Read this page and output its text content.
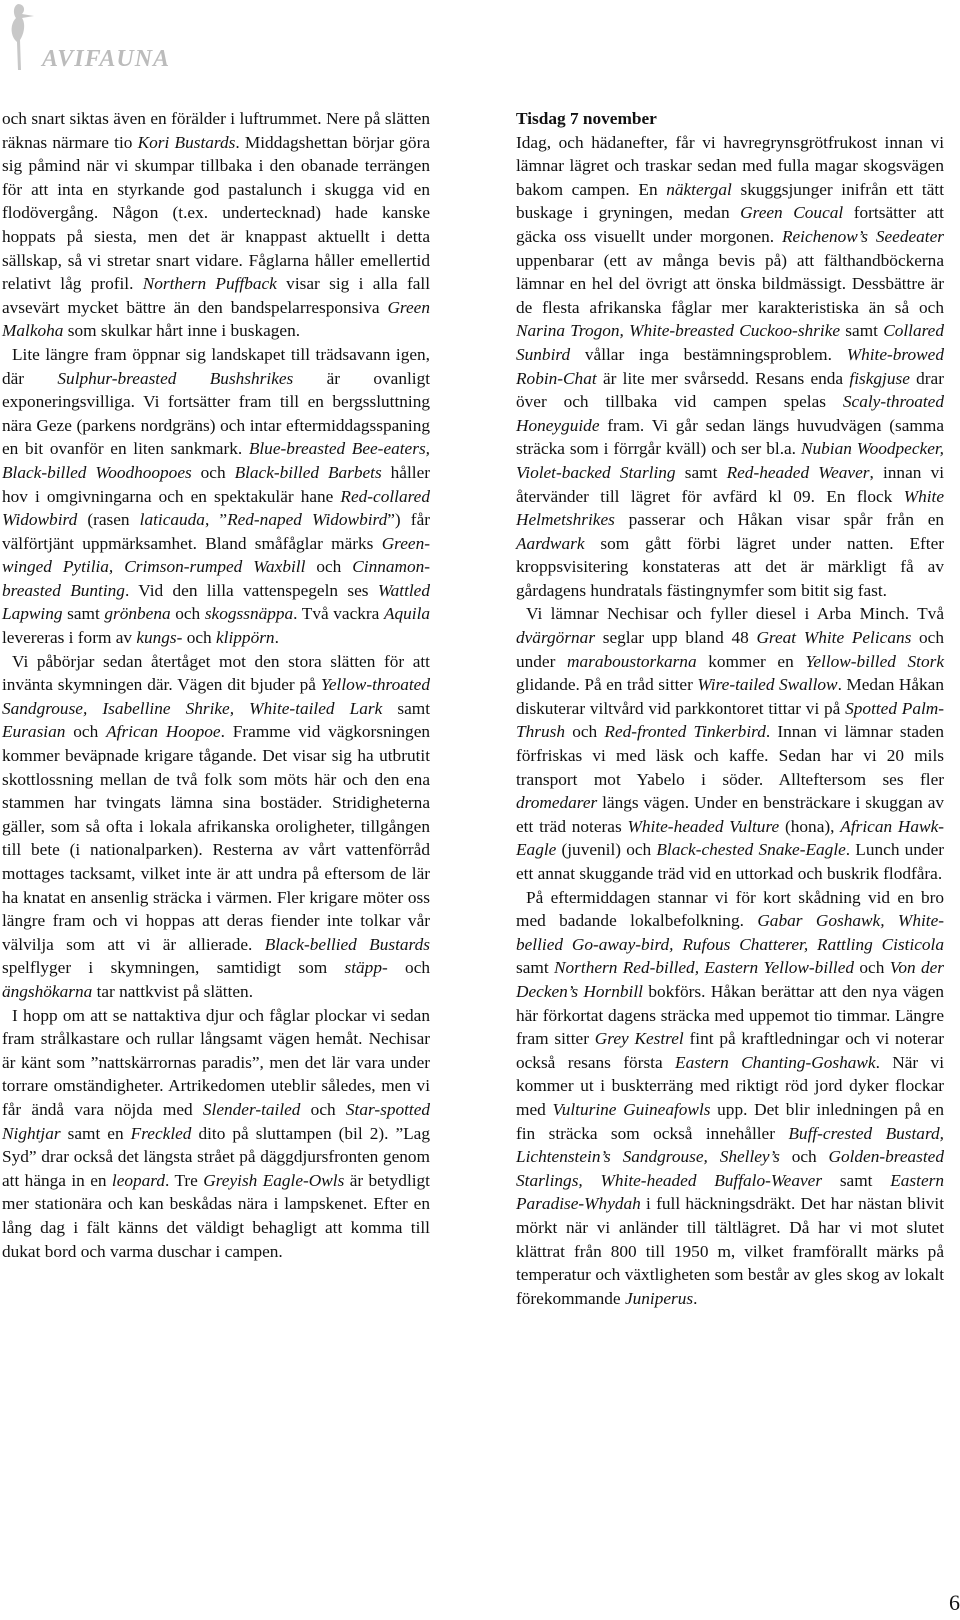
AVIFAUNA

och snart siktas även en förälder i luftrummet. Nere på slätten räknas närmare tio Kori Bustards. Middagshettan börjar göra sig påmind när vi skumpar tillbaka i den obanade terrängen för att inta en styrkande god pastalunch i skugga vid en flodövergång. Någon (t.ex. undertecknad) hade kanske hoppats på siesta, men det är knappast aktuellt i detta sällskap, så vi stretar snart vidare. Fåglarna håller emellertid relativt låg profil. Northern Puffback visar sig i alla fall avsevärt mycket bättre än den bandspelarresponsiva Green Malkoha som skulkar hårt inne i buskagen.

Lite längre fram öppnar sig landskapet till trädsavann igen, där Sulphur-breasted Bushshrikes är ovanligt exponeringsvilliga. Vi fortsätter fram till en bergssluttning nära Geze (parkens nordgräns) och intar eftermiddagsspaning en bit ovanför en liten sankmark. Blue-breasted Bee-eaters, Black-billed Woodhoopoes och Black-billed Barbets håller hov i omgivningarna och en spektakulär hane Red-collared Widowbird (rasen laticauda, ”Red-naped Widowbird”) får välförtjänt uppmärksamhet. Bland småfåglar märks Green-winged Pytilia, Crimson-rumped Waxbill och Cinnamon-breasted Bunting. Vid den lilla vattenspegeln ses Wattled Lapwing samt grönbena och skogssnäppa. Två vackra Aquila levereras i form av kungs- och klippörn.

Vi påbörjar sedan återtåget mot den stora slätten för att invänta skymningen där. Vägen dit bjuder på Yellow-throated Sandgrouse, Isabelline Shrike, White-tailed Lark samt Eurasian och African Hoopoe. Framme vid vägkorsningen kommer beväpnade krigare tågande. Det visar sig ha utbrutit skottlossning mellan de två folk som möts här och den ena stammen har tvingats lämna sina bostäder. Stridigheterna gäller, som så ofta i lokala afrikanska oroligheter, tillgången till bete (i nationalparken). Resterna av vårt vattenförråd mottages tacksamt, vilket inte är att undra på eftersom de lär ha knatat en ansenlig sträcka i värmen. Fler krigare möter oss längre fram och vi hoppas att deras fiender inte tolkar vår välvilja som att vi är allierade. Black-bellied Bustards spelflyger i skymningen, samtidigt som stäpp- och ängshökarna tar nattkvist på slätten.

I hopp om att se nattaktiva djur och fåglar plockar vi sedan fram strålkastare och rullar långsamt vägen hemåt. Nechisar är känt som ”nattskärrornas paradis”, men det lär vara under torrare omständigheter. Artrikedomen uteblir således, men vi får ändå vara nöjda med Slender-tailed och Star-spotted Nightjar samt en Freckled dito på sluttampen (bil 2). ”Lag Syd” drar också det längsta strået på däggdjursfronten genom att hänga in en leopard. Tre Greyish Eagle-Owls är betydligt mer stationära och kan beskådas nära i lampskenet. Efter en lång dag i fält känns det väldigt behagligt att komma till dukat bord och varma duschar i campen.

Tisdag 7 november

Idag, och hädanefter, får vi havregrynsgrötfrukost innan vi lämnar lägret och traskar sedan med fulla magar skogsvägen bakom campen. En näktergal skuggsjunger inifrån ett tätt buskage i gryningen, medan Green Coucal fortsätter att gäcka oss visuellt under morgonen. Reichenow’s Seedeater uppenbarar (ett av många bevis på) att fälthandböckerna lämnar en hel del övrigt att önska bildmässigt. Dessbättre är de flesta afrikanska fåglar mer karakteristiska än så och Narina Trogon, White-breasted Cuckoo-shrike samt Collared Sunbird vållar inga bestämningsproblem. White-browed Robin-Chat är lite mer svårsedd. Resans enda fiskgjuse drar över och tillbaka vid campen spelas Scaly-throated Honeyguide fram. Vi går sedan längs huvudvägen (samma sträcka som i förrgår kväll) och ser bl.a. Nubian Woodpecker, Violet-backed Starling samt Red-headed Weaver, innan vi återvänder till lägret för avfärd kl 09. En flock White Helmetshrikes passerar och Håkan visar spår från en Aardwark som gått förbi lägret under natten. Efter kroppsvisitering konstateras att det är märkligt få av gårdagens hundratals fästingnymfer som bitit sig fast.

Vi lämnar Nechisar och fyller diesel i Arba Minch. Två dvärgörnar seglar upp bland 48 Great White Pelicans och under maraboustorkarna kommer en Yellow-billed Stork glidande. På en tråd sitter Wire-tailed Swallow. Medan Håkan diskuterar viltvård vid parkkontoret tittar vi på Spotted Palm-Thrush och Red-fronted Tinkerbird. Innan vi lämnar staden förfriskas vi med läsk och kaffe. Sedan har vi 20 mils transport mot Yabelo i söder. Allteftersom ses fler dromedarer längs vägen. Under en bensträckare i skuggan av ett träd noteras White-headed Vulture (hona), African Hawk-Eagle (juvenil) och Black-chested Snake-Eagle. Lunch under ett annat skuggande träd vid en uttorkad och buskrik flodfåra.

På eftermiddagen stannar vi för kort skådning vid en bro med badande lokalbefolkning. Gabar Goshawk, White-bellied Go-away-bird, Rufous Chatterer, Rattling Cisticola samt Northern Red-billed, Eastern Yellow-billed och Von der Decken’s Hornbill bokförs. Håkan berättar att den nya vägen här förkortat dagens sträcka med uppemot tio timmar. Längre fram sitter Grey Kestrel fint på kraftledningar och vi noterar också resans första Eastern Chanting-Goshawk. När vi kommer ut i buskterräng med riktigt röd jord dyker flockar med Vulturine Guineafowls upp. Det blir inledningen på en fin sträcka som också innehåller Buff-crested Bustard, Lichtenstein’s Sandgrouse, Shelley’s och Golden-breasted Starlings, White-headed Buffalo-Weaver samt Eastern Paradise-Whydah i full häckningsdräkt. Det har nästan blivit mörkt när vi anländer till tältlägret. Då har vi mot slutet klättrat från 800 till 1950 m, vilket framförallt märks på temperatur och växtligheten som består av gles skog av lokalt förekommande Juniperus.

6
